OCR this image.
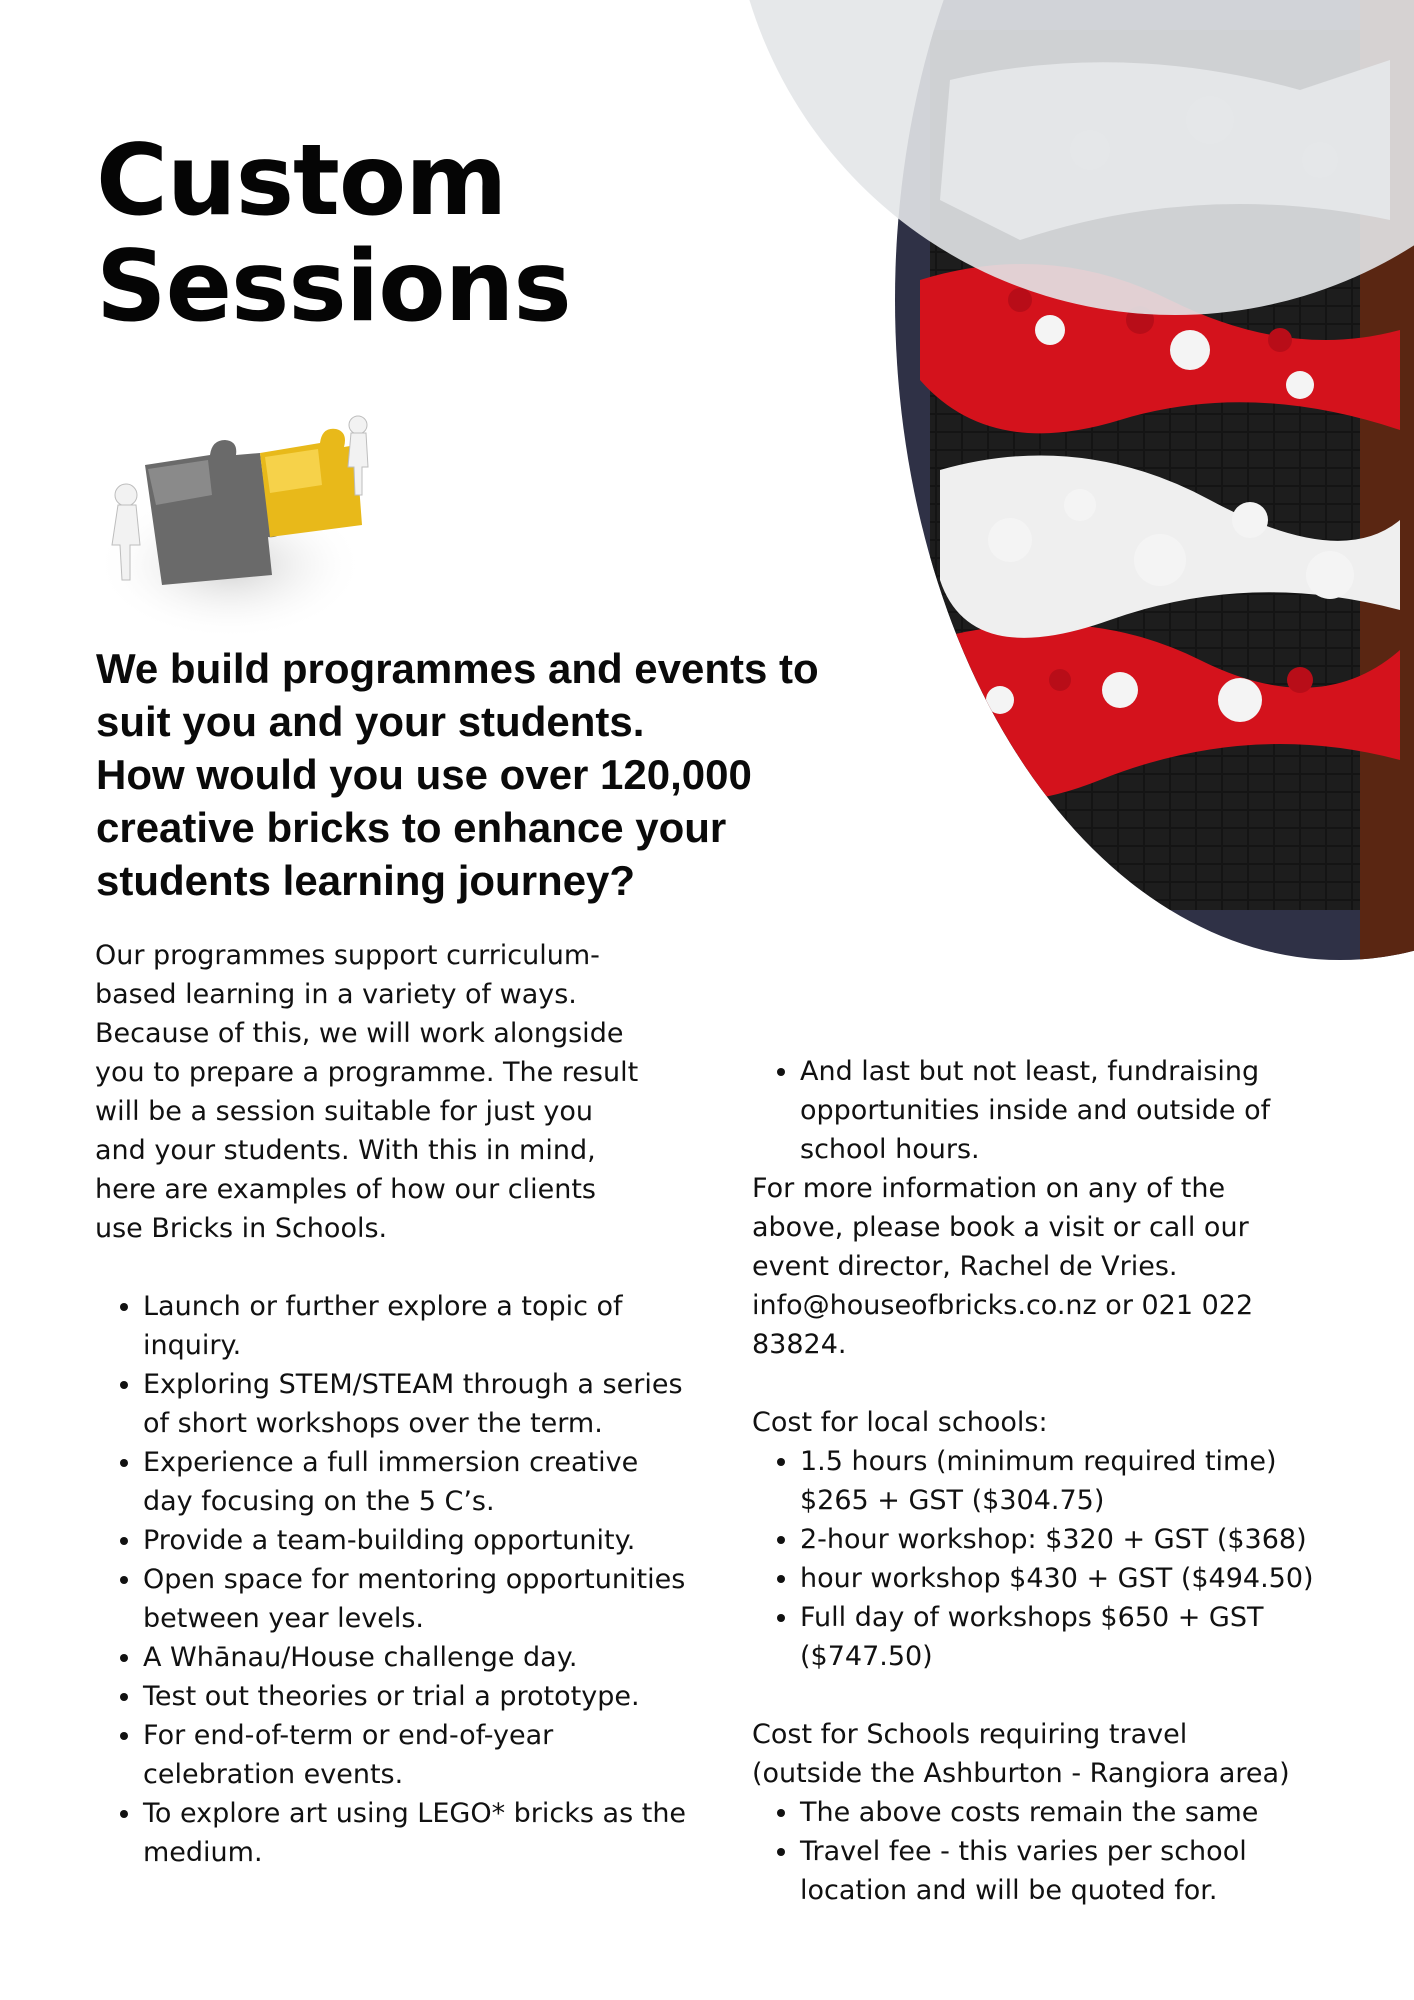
Custom
Sessions
We build programmes and events to
suit you and your students.
How would you use over 120,000
creative bricks to enhance your
students learning journey?

Our programmes support curriculum-
based learning in a variety of ways.
Because of this, we will work alongside
you to prepare a programme. The result
will be a session suitable for just you
and your students. With this in mind,
here are examples of how our clients
use Bricks in Schools.

• Launch or further explore a topic of inquiry.
• Exploring STEM/STEAM through a series of short workshops over the term.
• Experience a full immersion creative day focusing on the 5 C’s.
• Provide a team-building opportunity.
• Open space for mentoring opportunities between year levels.
• A Whānau/House challenge day.
• Test out theories or trial a prototype.
• For end-of-term or end-of-year celebration events.
• To explore art using LEGO* bricks as the medium.
• And last but not least, fundraising opportunities inside and outside of school hours.

For more information on any of the
above, please book a visit or call our
event director, Rachel de Vries.
info@houseofbricks.co.nz or 021 022
83824.

Cost for local schools:

• 1.5 hours (minimum required time) $265 + GST ($304.75)
• 2-hour workshop: $320 + GST ($368)
• hour workshop $430 + GST ($494.50)
• Full day of workshops $650 + GST ($747.50)

Cost for Schools requiring travel
(outside the Ashburton - Rangiora area)

• The above costs remain the same
• Travel fee - this varies per school location and will be quoted for.
